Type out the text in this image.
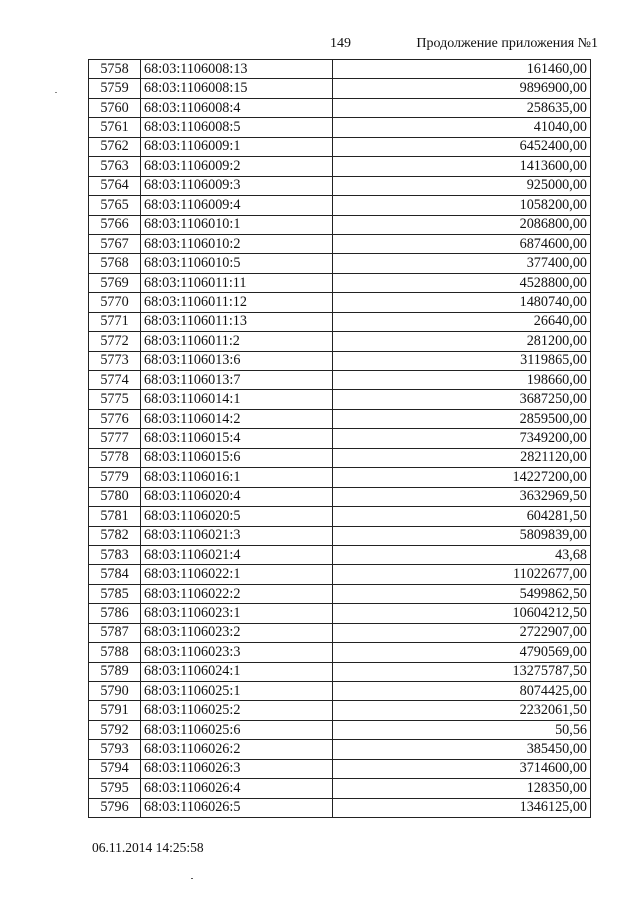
149	Продолжение приложения №1
5758	68:03:1106008:13	161460,00
5759	68:03:1106008:15	9896900,00
5760	68:03:1106008:4	258635,00
5761	68:03:1106008:5	41040,00
5762	68:03:1106009:1	6452400,00
5763	68:03:1106009:2	1413600,00
5764	68:03:1106009:3	925000,00
5765	68:03:1106009:4	1058200,00
5766	68:03:1106010:1	2086800,00
5767	68:03:1106010:2	6874600,00
5768	68:03:1106010:5	377400,00
5769	68:03:1106011:11	4528800,00
5770	68:03:1106011:12	1480740,00
5771	68:03:1106011:13	26640,00
5772	68:03:1106011:2	281200,00
5773	68:03:1106013:6	3119865,00
5774	68:03:1106013:7	198660,00
5775	68:03:1106014:1	3687250,00
5776	68:03:1106014:2	2859500,00
5777	68:03:1106015:4	7349200,00
5778	68:03:1106015:6	2821120,00
5779	68:03:1106016:1	14227200,00
5780	68:03:1106020:4	3632969,50
5781	68:03:1106020:5	604281,50
5782	68:03:1106021:3	5809839,00
5783	68:03:1106021:4	43,68
5784	68:03:1106022:1	11022677,00
5785	68:03:1106022:2	5499862,50
5786	68:03:1106023:1	10604212,50
5787	68:03:1106023:2	2722907,00
5788	68:03:1106023:3	4790569,00
5789	68:03:1106024:1	13275787,50
5790	68:03:1106025:1	8074425,00
5791	68:03:1106025:2	2232061,50
5792	68:03:1106025:6	50,56
5793	68:03:1106026:2	385450,00
5794	68:03:1106026:3	3714600,00
5795	68:03:1106026:4	128350,00
5796	68:03:1106026:5	1346125,00
06.11.2014 14:25:58
